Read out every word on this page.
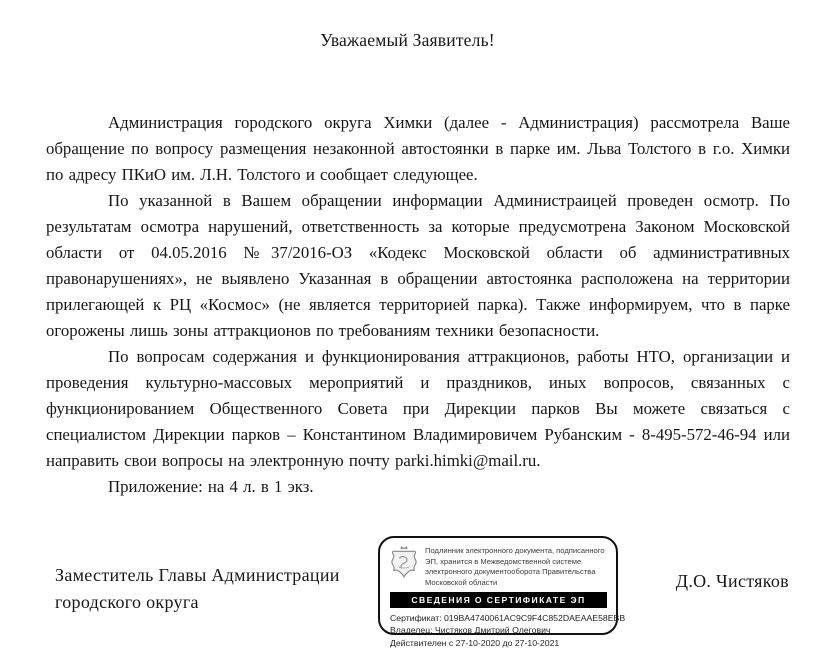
Уважаемый Заявитель!

Администрация городского округа Химки (далее - Администрация) рассмотрела Ваше обращение по вопросу размещения незаконной автостоянки в парке им. Льва Толстого в г.о. Химки по адресу ПКиО им. Л.Н. Толстого и сообщает следующее.

По указанной в Вашем обращении информации Администраицей проведен осмотр. По результатам осмотра нарушений, ответственность за которые предусмотрена Законом Московской области от 04.05.2016 №37/2016-ОЗ «Кодекс Московской области об административных правонарушениях», не выявлено Указанная в обращении автостоянка расположена на территории прилегающей к РЦ «Космос» (не является территорией парка). Также информируем, что в парке огорожены лишь зоны аттракционов по требованиям техники безопасности.

По вопросам содержания и функционирования аттракционов, работы НТО, организации и проведения культурно-массовых мероприятий и праздников, иных вопросов, связанных с функционированием Общественного Совета при Дирекции парков Вы можете связаться с специалистом Дирекции парков – Константином Владимировичем Рубанским - 8-495-572-46-94 или направить свои вопросы на электронную почту parki.himki@mail.ru.

Приложение: на 4 л. в 1 экз.

Заместитель Главы Администрации городского округа
Д.О. Чистяков
Подлинник электронного документа, подписанного ЭП, хранится в Межведомственной системе электронного документооборота Правительства Московской области
СВЕДЕНИЯ О СЕРТИФИКАТЕ ЭП
Сертификат: 019BA4740061AC9C9F4C852DAEAAE58EBB
Владелец: Чистяков Дмитрий Олегович
Действителен с 27-10-2020 до 27-10-2021
